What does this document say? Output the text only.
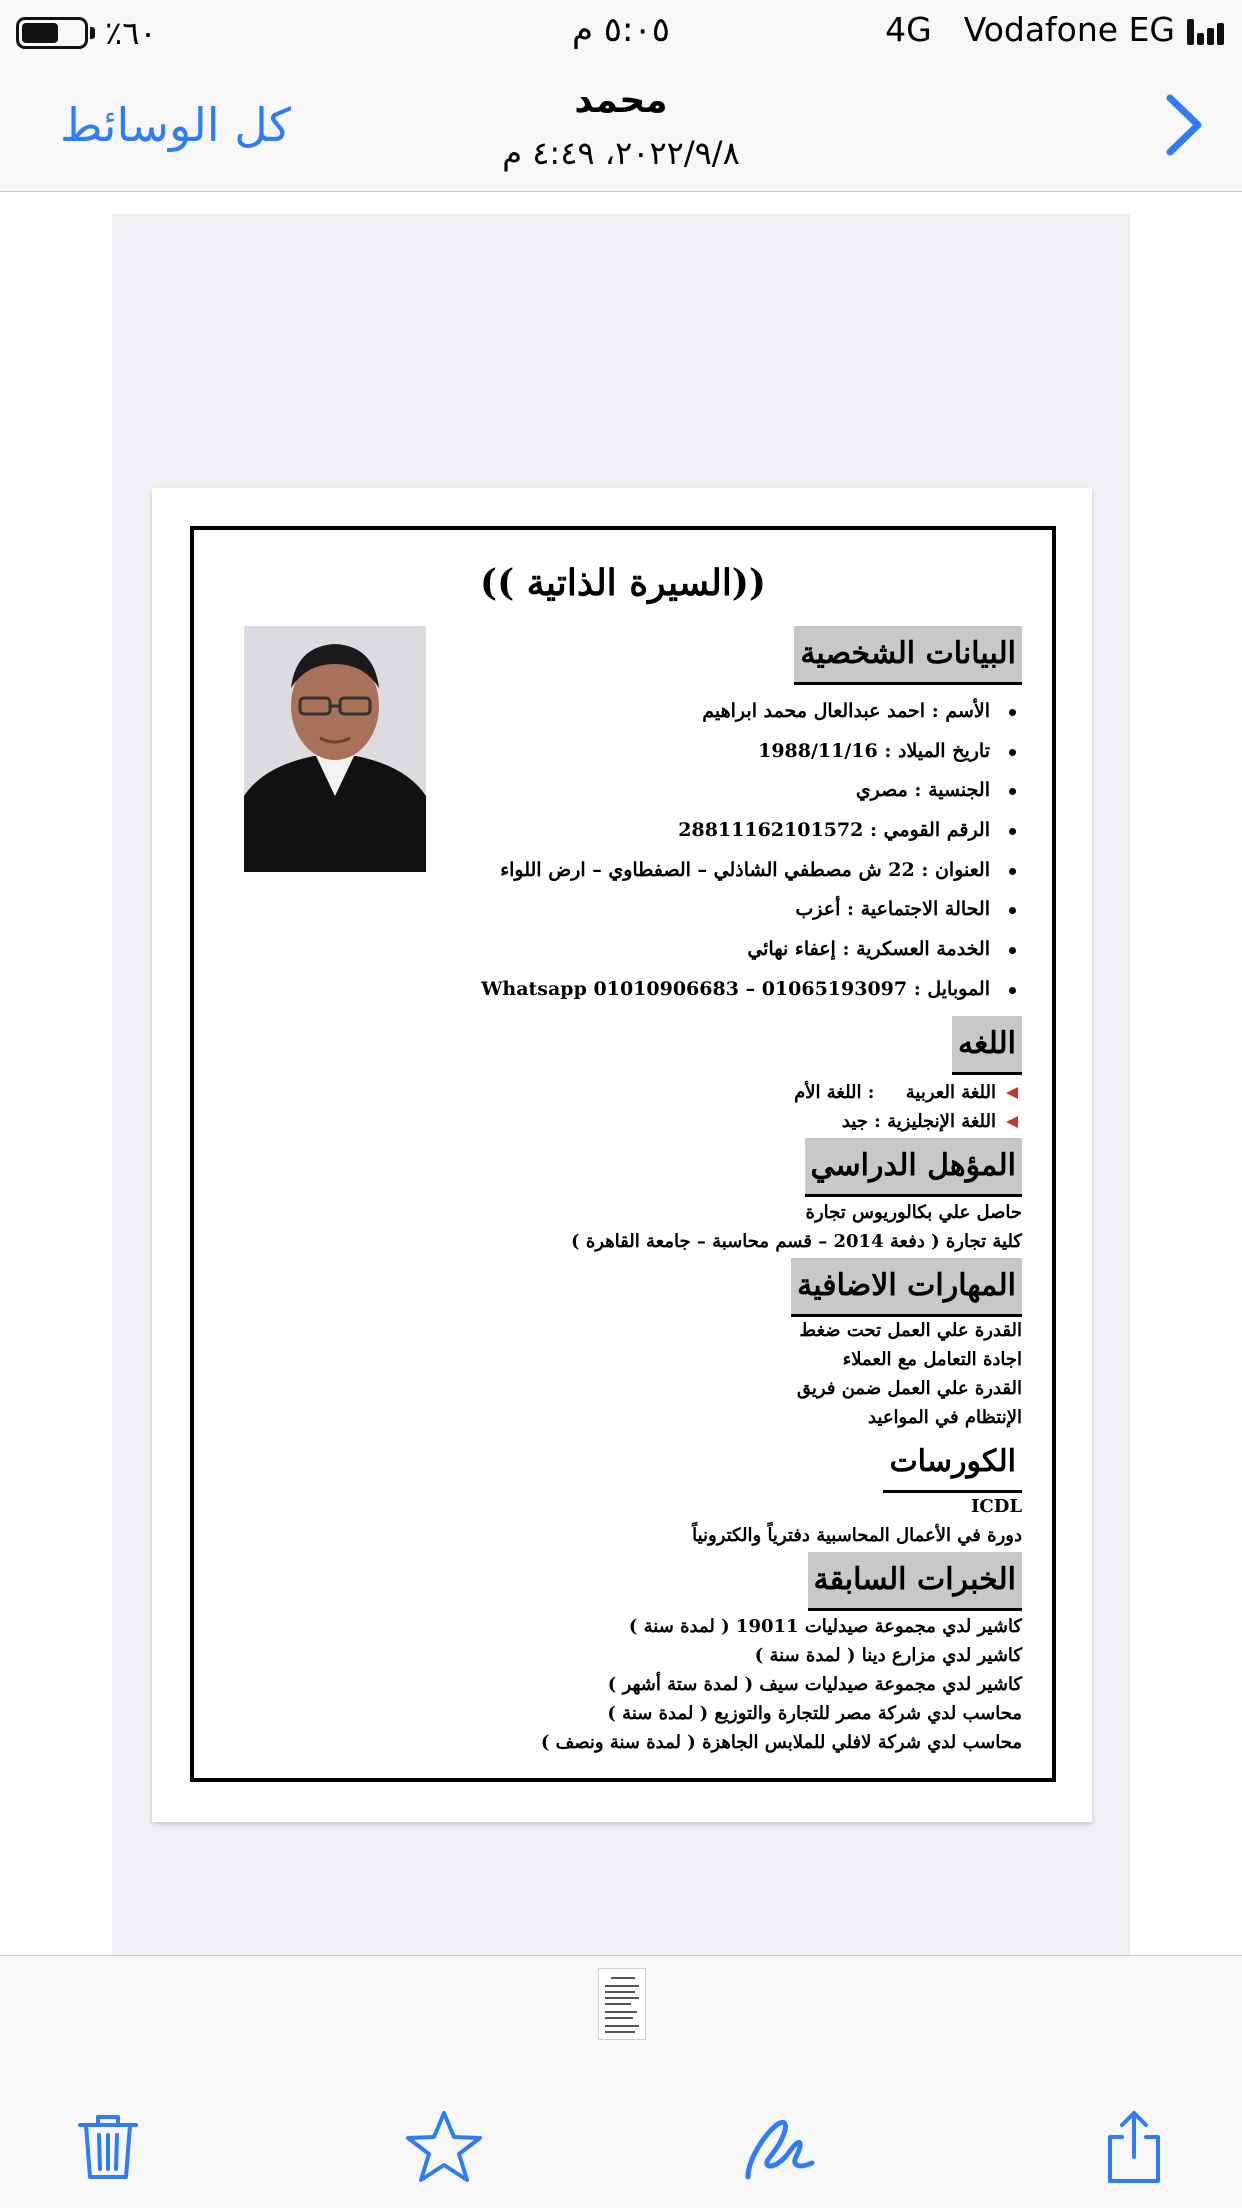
٪٦٠	٥:٠٥ م	4G Vodafone EG
كل الوسائط	محمد
٢٠٢٢/٩/٨، ٤:٤٩ م
((السيرة الذاتية ))
البيانات الشخصية
الأسم : احمد عبدالعال محمد ابراهيم
تاريخ الميلاد : 1988/11/16
الجنسية : مصري
الرقم القومي : 28811162101572
العنوان : 22 ش مصطفي الشاذلي – الصفطاوي – ارض اللواء
الحالة الاجتماعية : أعزب
الخدمة العسكرية : إعفاء نهائي
الموبايل : 01065193097 – 01010906683 Whatsapp
اللغه
اللغة العربية     : اللغة الأم
اللغة الإنجليزية : جيد
المؤهل الدراسي
حاصل علي بكالوريوس تجارة
كلية تجارة ( دفعة 2014 – قسم محاسبة – جامعة القاهرة )
المهارات الاضافية
القدرة علي العمل تحت ضغط
اجادة التعامل مع العملاء
القدرة علي العمل ضمن فريق
الإنتظام في المواعيد
الكورسات
ICDL
دورة في الأعمال المحاسبية دفترياً والكترونياً
الخبرات السابقة
كاشير لدي مجموعة صيدليات 19011 ( لمدة سنة )
كاشير لدي مزارع دينا ( لمدة سنة )
كاشير لدي مجموعة صيدليات سيف ( لمدة ستة أشهر )
محاسب لدي شركة مصر للتجارة والتوزيع ( لمدة سنة )
محاسب لدي شركة لافلي للملابس الجاهزة ( لمدة سنة ونصف )
